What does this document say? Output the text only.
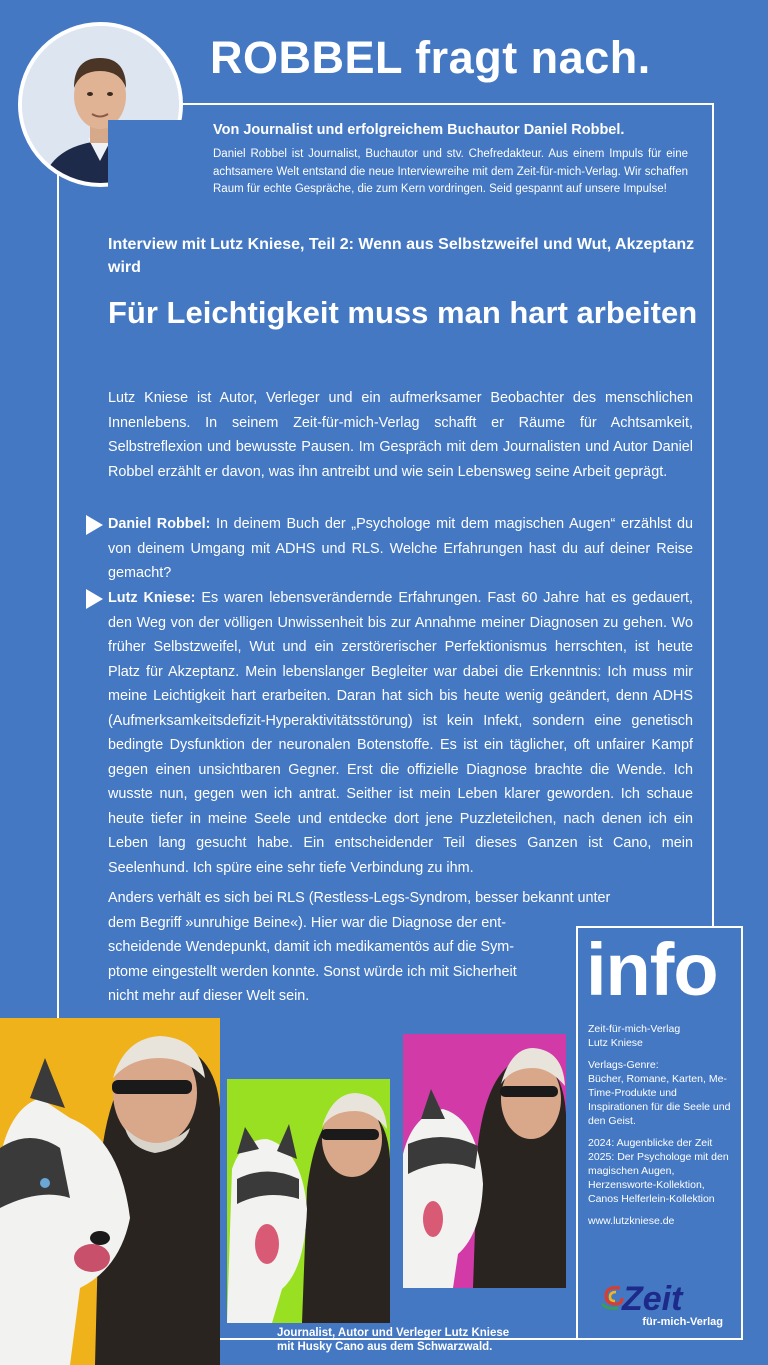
ROBBEL fragt nach.
Von Journalist und erfolgreichem Buchautor Daniel Robbel.
Daniel Robbel ist Journalist, Buchautor und stv. Chefredakteur. Aus einem Impuls für eine achtsamere Welt entstand die neue Interviewreihe mit dem Zeit-für-mich-Verlag. Wir schaffen Raum für echte Gespräche, die zum Kern vordringen. Seid gespannt auf unsere Impulse!
Interview mit Lutz Kniese, Teil 2: Wenn aus Selbstzweifel und Wut, Akzeptanz wird
Für Leichtigkeit muss man hart arbeiten
Lutz Kniese ist Autor, Verleger und ein aufmerksamer Beobachter des menschlichen Innenlebens. In seinem Zeit-für-mich-Verlag schafft er Räume für Achtsamkeit, Selbstreflexion und bewusste Pausen. Im Gespräch mit dem Journalisten und Autor Daniel Robbel erzählt er davon, was ihn antreibt und wie sein Lebensweg seine Arbeit geprägt.
Daniel Robbel: In deinem Buch der „Psychologe mit dem magischen Augen“ erzählst du von deinem Umgang mit ADHS und RLS. Welche Erfahrungen hast du auf deiner Reise gemacht?
Lutz Kniese: Es waren lebensverändernde Erfahrungen. Fast 60 Jahre hat es gedauert, den Weg von der völligen Unwissenheit bis zur Annahme meiner Diagnosen zu gehen. Wo früher Selbstzweifel, Wut und ein zerstörerischer Perfektionismus herrschten, ist heute Platz für Akzeptanz. Mein lebenslanger Begleiter war dabei die Erkenntnis: Ich muss mir meine Leichtigkeit hart erarbeiten. Daran hat sich bis heute wenig geändert, denn ADHS (Aufmerksamkeitsdefizit-Hyperaktivitätsstörung) ist kein Infekt, sondern eine genetisch bedingte Dysfunktion der neuronalen Botenstoffe. Es ist ein täglicher, oft unfairer Kampf gegen einen unsichtbaren Gegner. Erst die offizielle Diagnose brachte die Wende. Ich wusste nun, gegen wen ich antrat. Seither ist mein Leben klarer geworden. Ich schaue heute tiefer in meine Seele und entdecke dort jene Puzzleteilchen, nach denen ich ein Leben lang gesucht habe. Ein entscheidender Teil dieses Ganzen ist Cano, mein Seelenhund. Ich spüre eine sehr tiefe Verbindung zu ihm.
Anders verhält es sich bei RLS (Restless-Legs-Syndrom, besser bekannt unter
dem Begriff »unruhige Beine«). Hier war die Diagnose der ent-
scheidende Wendepunkt, damit ich medikamentös auf die Sym-
ptome eingestellt werden konnte. Sonst würde ich mit Sicherheit
nicht mehr auf dieser Welt sein.	info

Zeit-für-mich-Verlag
Lutz Kniese

Verlags-Genre:
Bücher, Romane, Karten, Me-Time-Produkte und Inspirationen für die Seele und den Geist.

2024: Augenblicke der Zeit
2025: Der Psychologe mit den magischen Augen, Herzensworte-Kollektion, Canos Helferlein-Kollektion

www.lutzkniese.de

Zeit
für-mich-Verlag
Journalist, Autor und Verleger Lutz Kniese
mit Husky Cano aus dem Schwarzwald.
